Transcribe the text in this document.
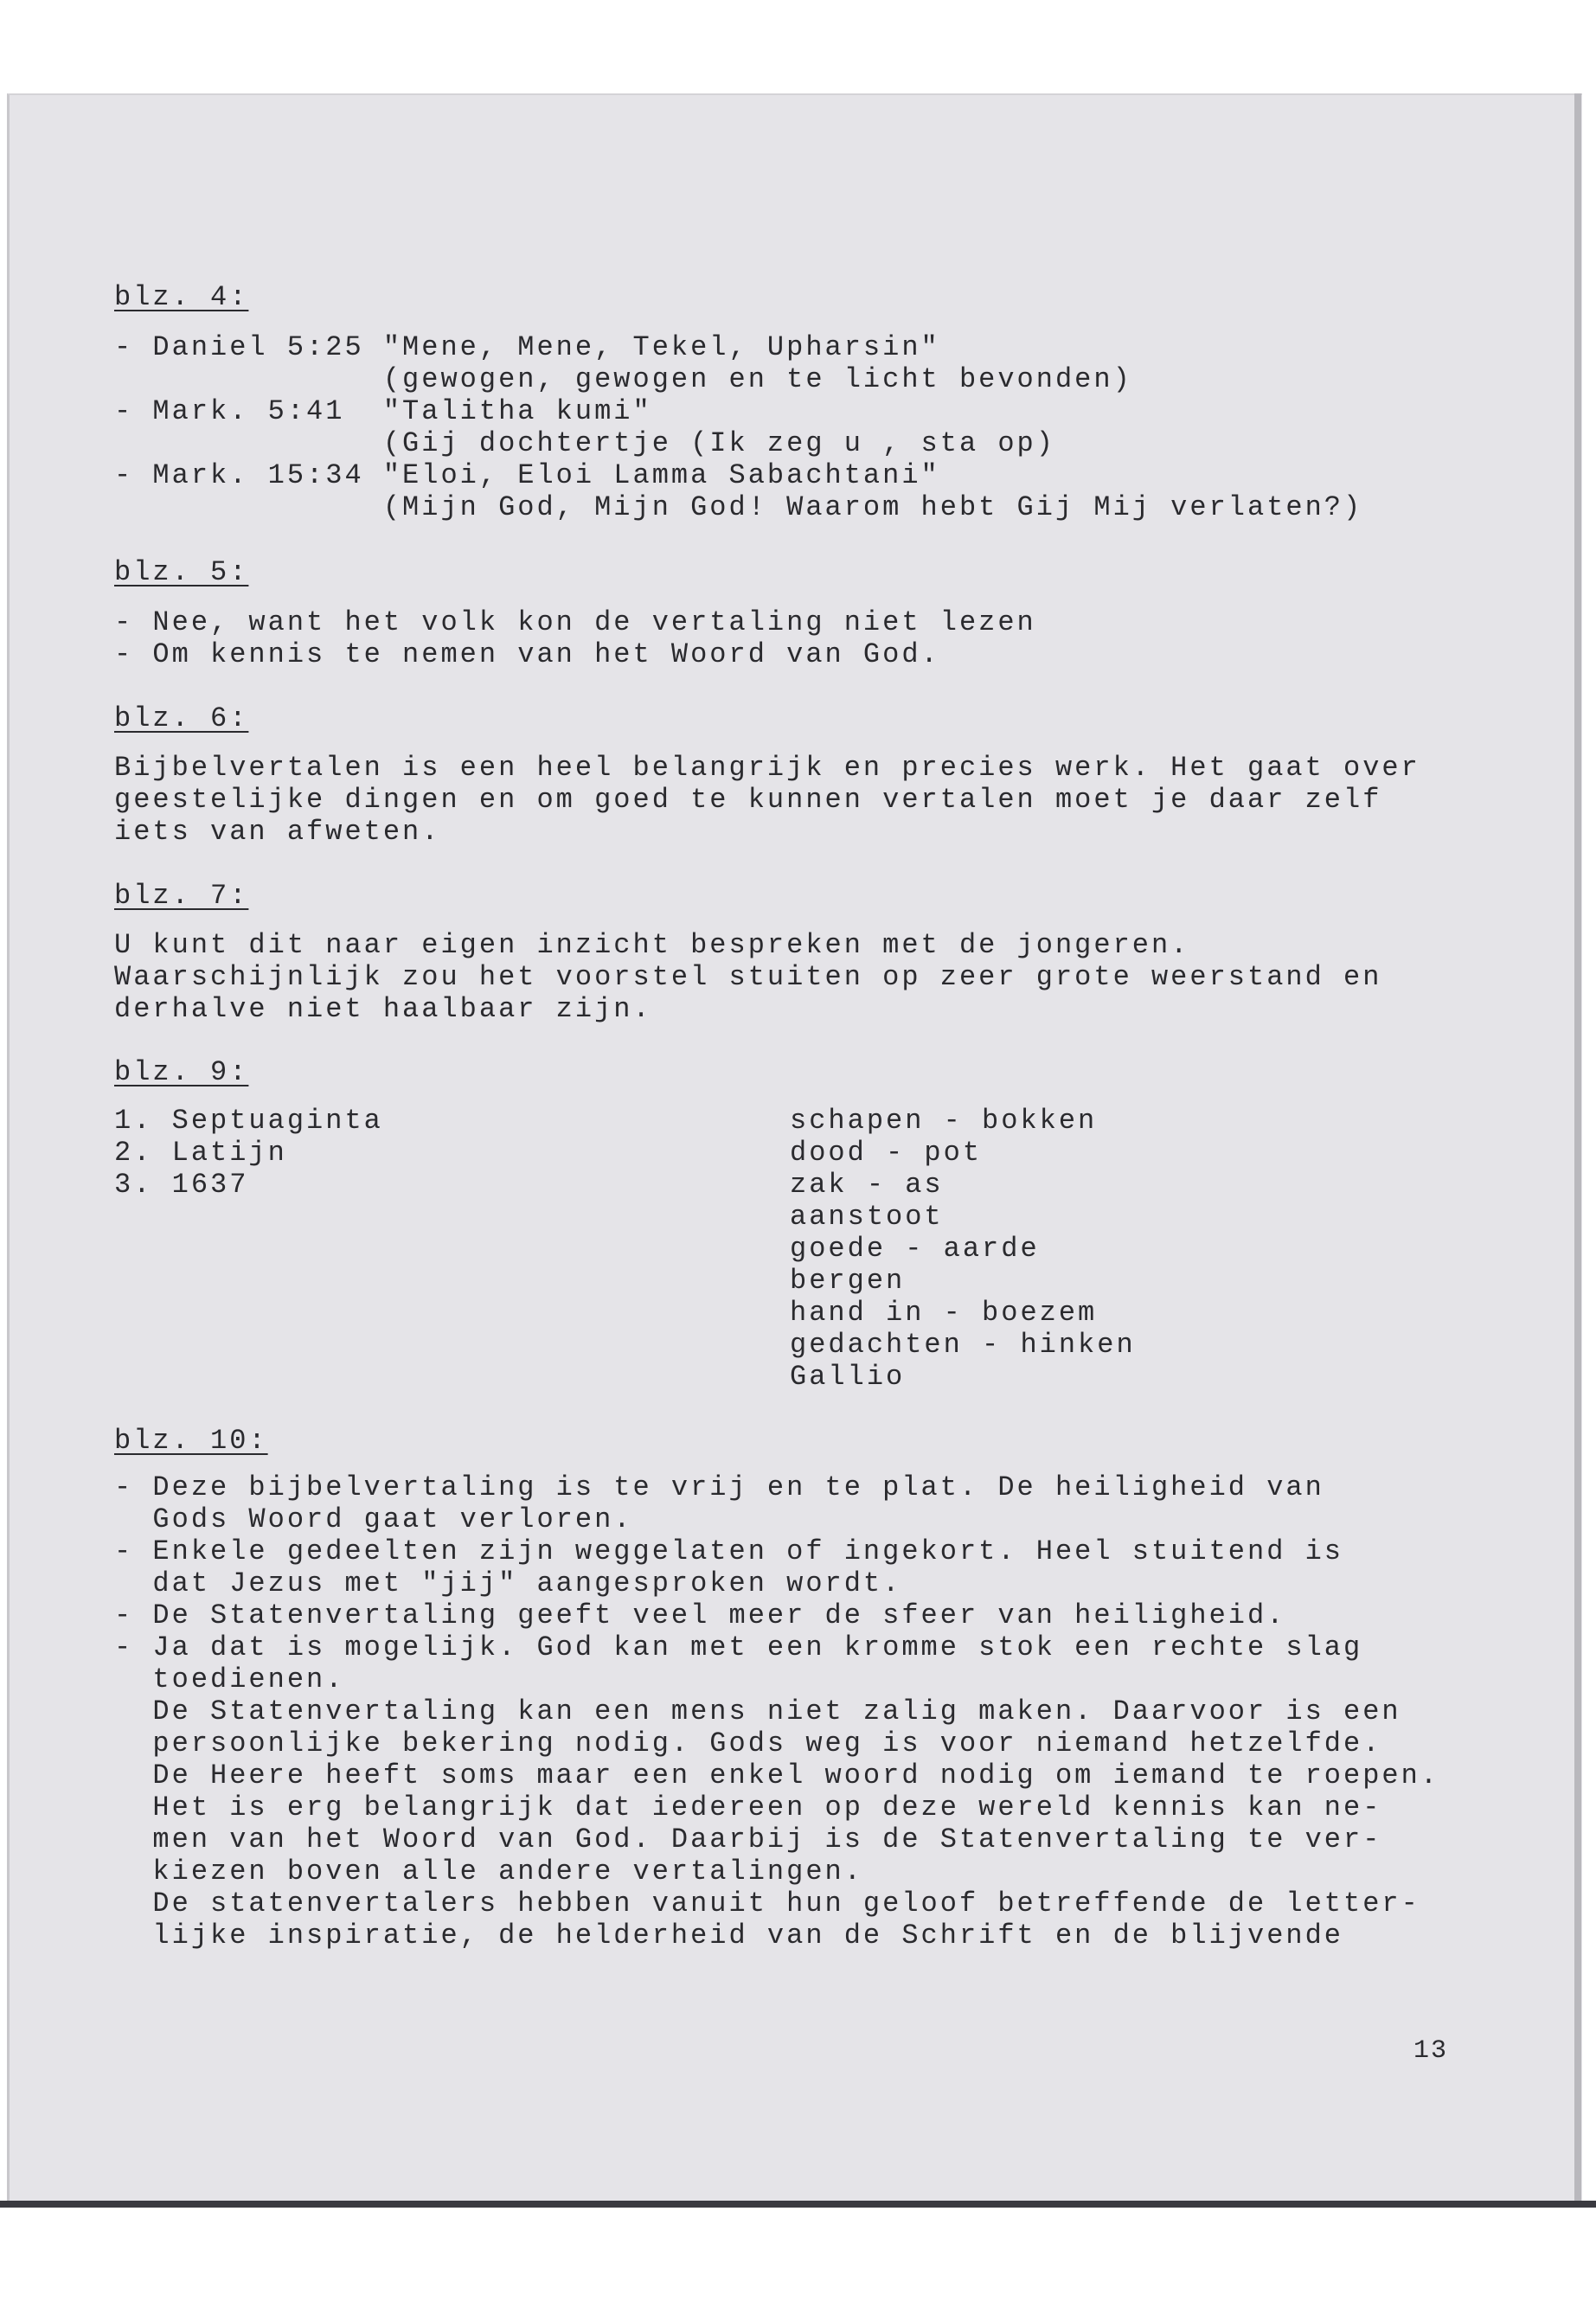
blz. 4:
- Daniel 5:25 "Mene, Mene, Tekel, Upharsin"
(gewogen, gewogen en te licht bevonden)
- Mark. 5:41  "Talitha kumi"
(Gij dochtertje (Ik zeg u , sta op)
- Mark. 15:34 "Eloi, Eloi Lamma Sabachtani"
(Mijn God, Mijn God! Waarom hebt Gij Mij verlaten?)
blz. 5:
- Nee, want het volk kon de vertaling niet lezen
- Om kennis te nemen van het Woord van God.
blz. 6:
Bijbelvertalen is een heel belangrijk en precies werk. Het gaat over
geestelijke dingen en om goed te kunnen vertalen moet je daar zelf
iets van afweten.
blz. 7:
U kunt dit naar eigen inzicht bespreken met de jongeren.
Waarschijnlijk zou het voorstel stuiten op zeer grote weerstand en
derhalve niet haalbaar zijn.
blz. 9:
1. Septuaginta
2. Latijn
3. 1637
schapen - bokken
dood - pot
zak - as
aanstoot
goede - aarde
bergen
hand in - boezem
gedachten - hinken
Gallio
blz. 10:
- Deze bijbelvertaling is te vrij en te plat. De heiligheid van
Gods Woord gaat verloren.
- Enkele gedeelten zijn weggelaten of ingekort. Heel stuitend is
dat Jezus met "jij" aangesproken wordt.
- De Statenvertaling geeft veel meer de sfeer van heiligheid.
- Ja dat is mogelijk. God kan met een kromme stok een rechte slag
toedienen.
De Statenvertaling kan een mens niet zalig maken. Daarvoor is een
persoonlijke bekering nodig. Gods weg is voor niemand hetzelfde.
De Heere heeft soms maar een enkel woord nodig om iemand te roepen.
Het is erg belangrijk dat iedereen op deze wereld kennis kan ne-
men van het Woord van God. Daarbij is de Statenvertaling te ver-
kiezen boven alle andere vertalingen.
De statenvertalers hebben vanuit hun geloof betreffende de letter-
lijke inspiratie, de helderheid van de Schrift en de blijvende
13
